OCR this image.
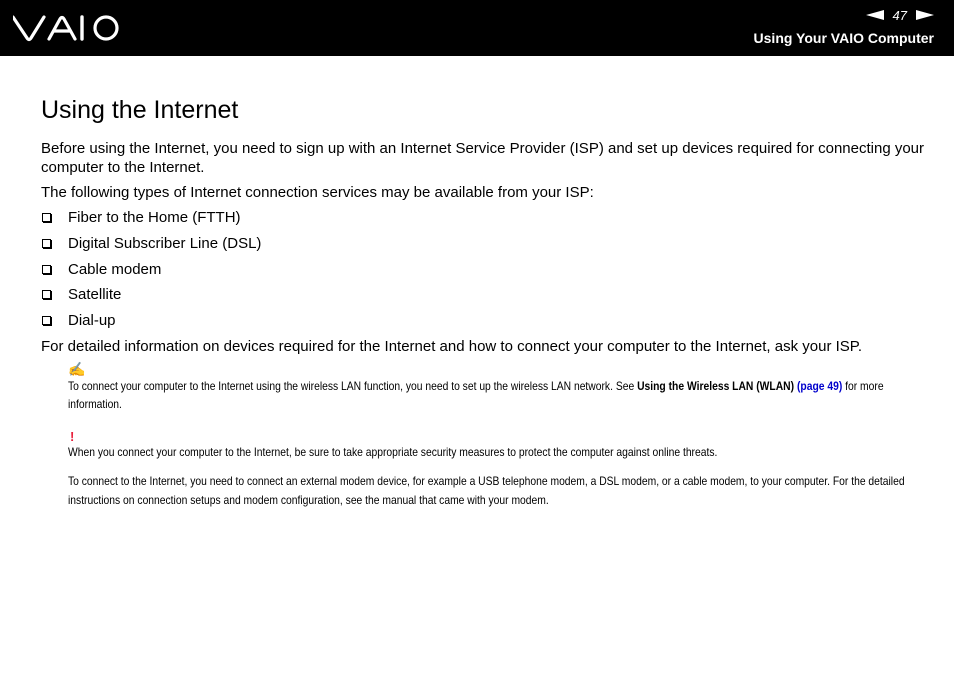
47
Using Your VAIO Computer
Using the Internet

Before using the Internet, you need to sign up with an Internet Service Provider (ISP) and set up devices required for connecting your computer to the Internet.

The following types of Internet connection services may be available from your ISP:

Fiber to the Home (FTTH)
Digital Subscriber Line (DSL)
Cable modem
Satellite
Dial-up

For detailed information on devices required for the Internet and how to connect your computer to the Internet, ask your ISP.

✍
To connect your computer to the Internet using the wireless LAN function, you need to set up the wireless LAN network. See Using the Wireless LAN (WLAN) (page 49) for more information.
!
When you connect your computer to the Internet, be sure to take appropriate security measures to protect the computer against online threats.
To connect to the Internet, you need to connect an external modem device, for example a USB telephone modem, a DSL modem, or a cable modem, to your computer. For the detailed instructions on connection setups and modem configuration, see the manual that came with your modem.
